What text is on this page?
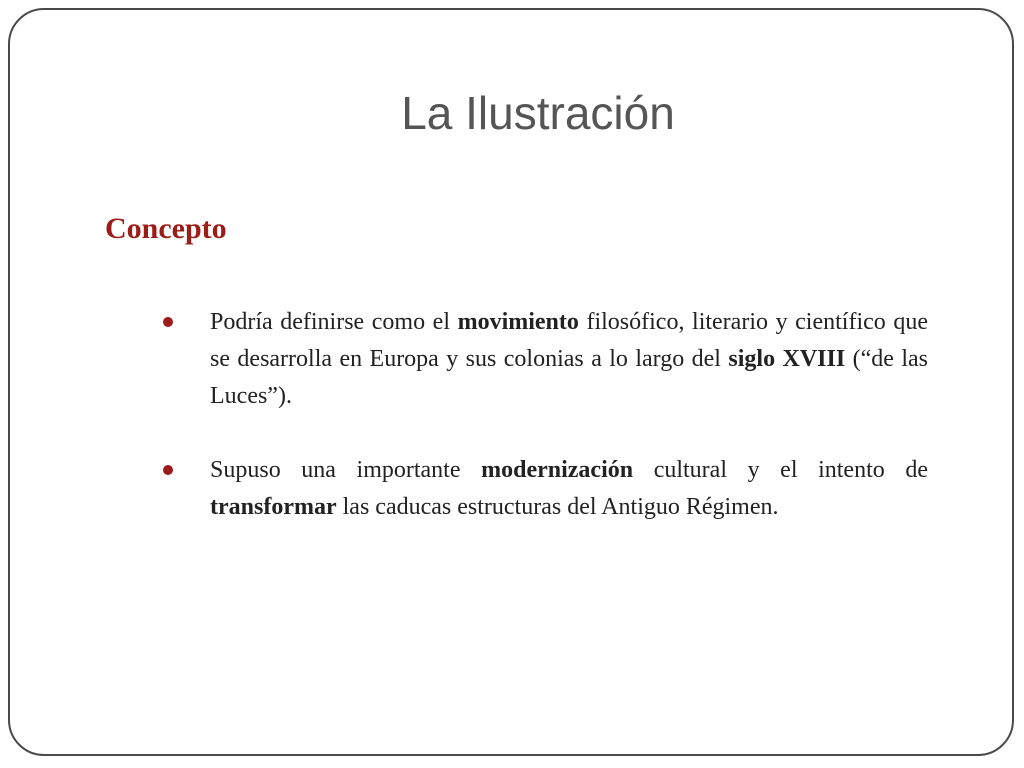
La Ilustración
Concepto
Podría definirse como el movimiento filosófico, literario y científico que se desarrolla en Europa y sus colonias a lo largo del siglo XVIII (“de las Luces”).
Supuso una importante modernización cultural y el intento de transformar las caducas estructuras del Antiguo Régimen.
